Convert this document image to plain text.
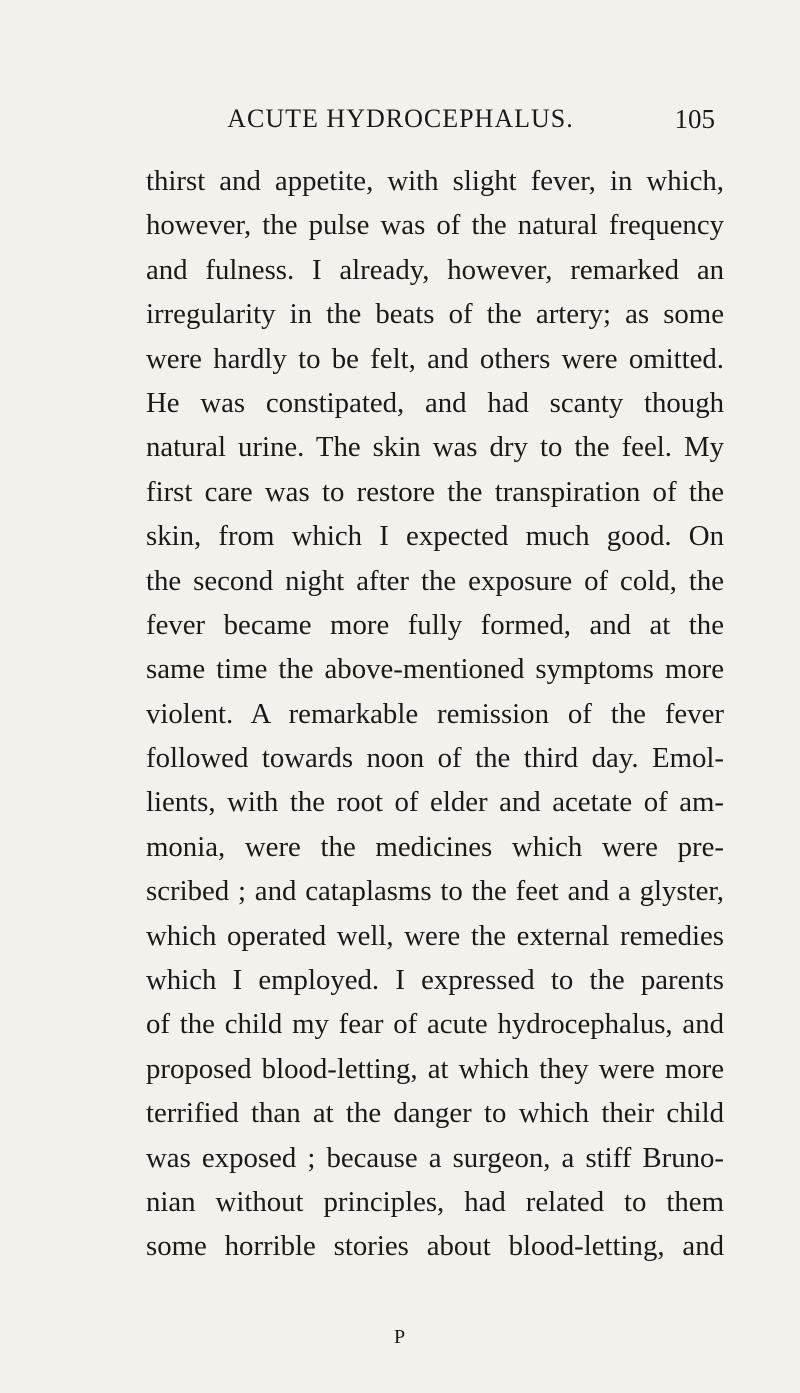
ACUTE HYDROCEPHALUS.	105
thirst and appetite, with slight fever, in which,
however, the pulse was of the natural frequency
and fulness. I already, however, remarked an
irregularity in the beats of the artery; as some
were hardly to be felt, and others were omitted.
He was constipated, and had scanty though
natural urine. The skin was dry to the feel. My
first care was to restore the transpiration of the
skin, from which I expected much good. On
the second night after the exposure of cold, the
fever became more fully formed, and at the
same time the above-mentioned symptoms more
violent. A remarkable remission of the fever
followed towards noon of the third day. Emol-
lients, with the root of elder and acetate of am-
monia, were the medicines which were pre-
scribed ; and cataplasms to the feet and a glyster,
which operated well, were the external remedies
which I employed. I expressed to the parents
of the child my fear of acute hydrocephalus, and
proposed blood-letting, at which they were more
terrified than at the danger to which their child
was exposed ; because a surgeon, a stiff Bruno-
nian without principles, had related to them
some horrible stories about blood-letting, and
P
